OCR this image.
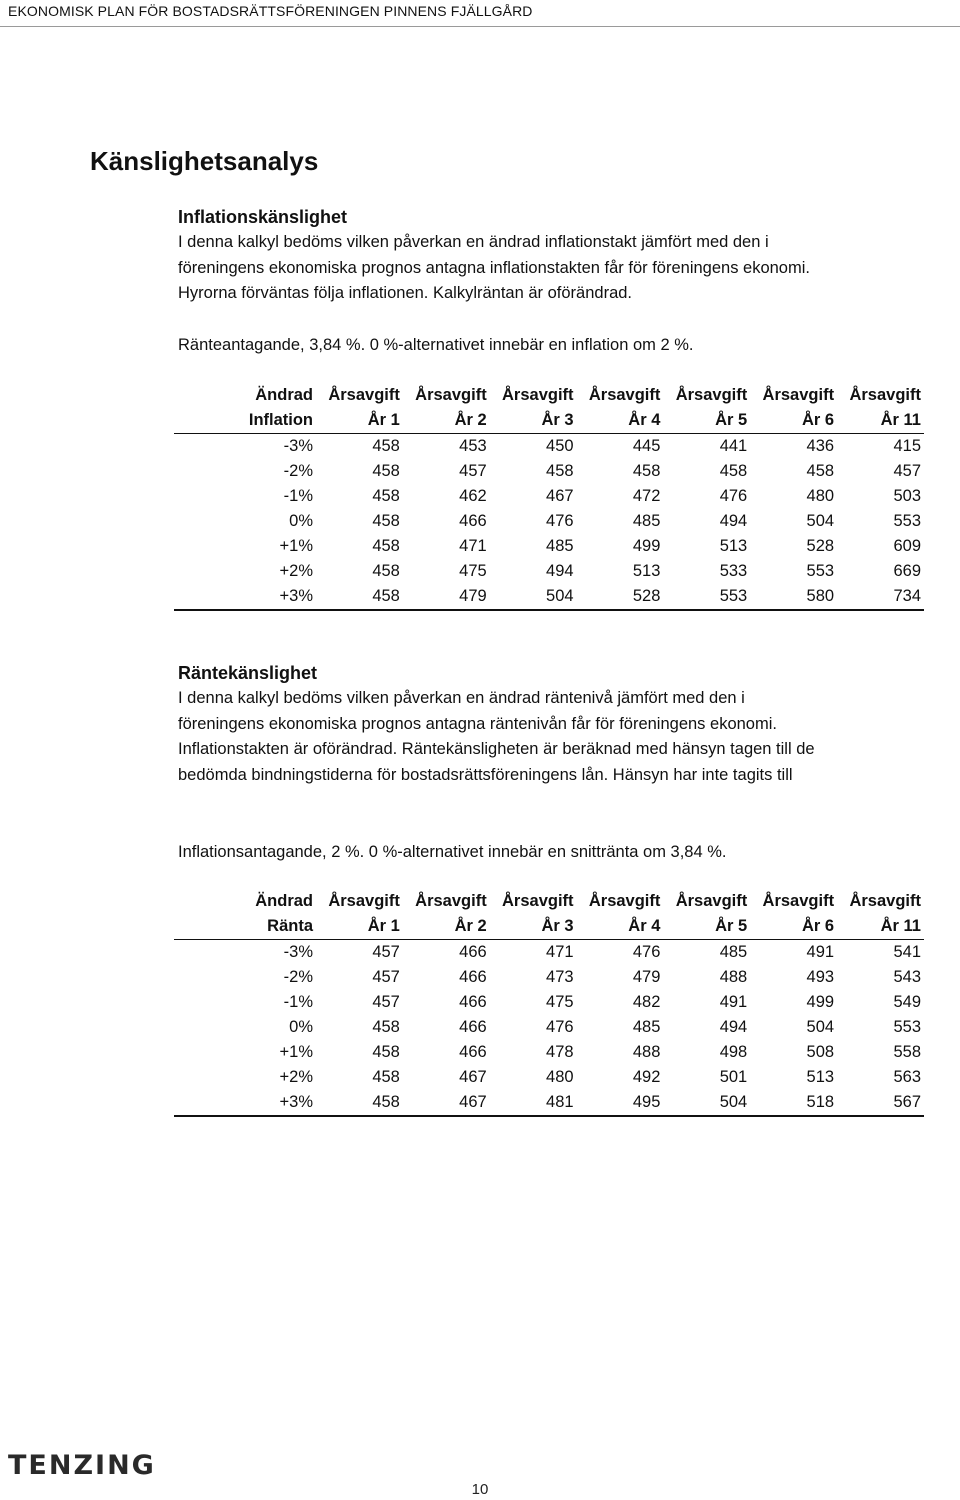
EKONOMISK PLAN FÖR BOSTADSRÄTTSFÖRENINGEN PINNENS FJÄLLGÅRD
Känslighetsanalys
Inflationskänslighet

I denna kalkyl bedöms vilken påverkan en ändrad inflationstakt jämfört med den i
föreningens ekonomiska prognos antagna inflationstakten får för föreningens ekonomi.
Hyrorna förväntas följa inflationen. Kalkylräntan är oförändrad.

Ränteantagande, 3,84 %. 0 %-alternativet innebär en inflation om 2 %.

Ändrad	Årsavgift	Årsavgift	Årsavgift	Årsavgift	Årsavgift	Årsavgift	Årsavgift
Inflation	År 1	År 2	År 3	År 4	År 5	År 6	År 11
-3%	458	453	450	445	441	436	415
-2%	458	457	458	458	458	458	457
-1%	458	462	467	472	476	480	503
0%	458	466	476	485	494	504	553
+1%	458	471	485	499	513	528	609
+2%	458	475	494	513	533	553	669
+3%	458	479	504	528	553	580	734
Räntekänslighet

I denna kalkyl bedöms vilken påverkan en ändrad räntenivå jämfört med den i
föreningens ekonomiska prognos antagna räntenivån får för föreningens ekonomi.
Inflationstakten är oförändrad. Räntekänsligheten är beräknad med hänsyn tagen till de
bedömda bindningstiderna för bostadsrättsföreningens lån. Hänsyn har inte tagits till

Inflationsantagande, 2 %. 0 %-alternativet innebär en snittränta om 3,84 %.

Ändrad	Årsavgift	Årsavgift	Årsavgift	Årsavgift	Årsavgift	Årsavgift	Årsavgift
Ränta	År 1	År 2	År 3	År 4	År 5	År 6	År 11
-3%	457	466	471	476	485	491	541
-2%	457	466	473	479	488	493	543
-1%	457	466	475	482	491	499	549
0%	458	466	476	485	494	504	553
+1%	458	466	478	488	498	508	558
+2%	458	467	480	492	501	513	563
+3%	458	467	481	495	504	518	567
TENZING
10
